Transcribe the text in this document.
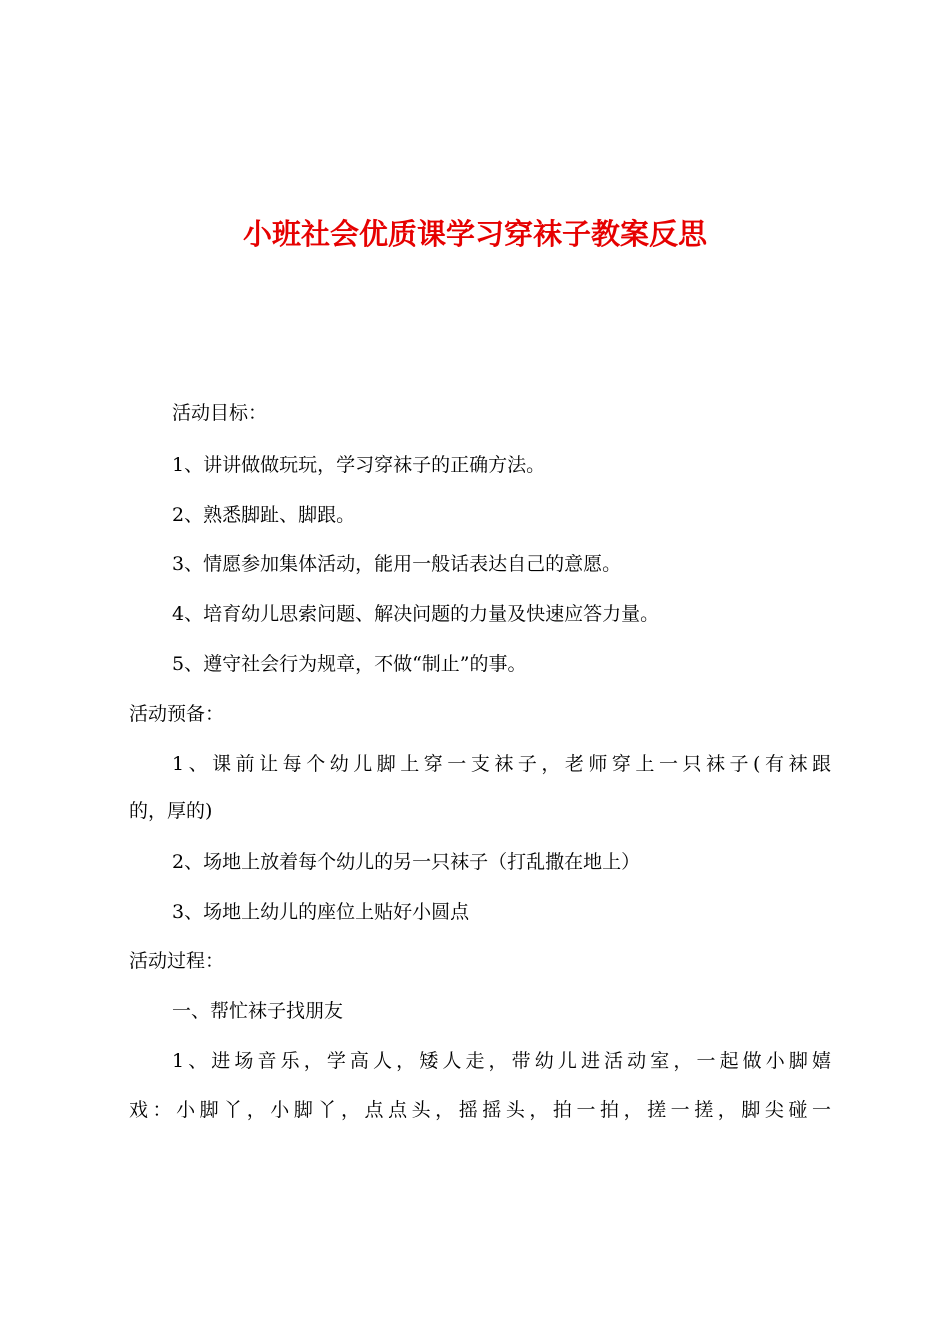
小班社会优质课学习穿袜子教案反思

活动目标：

1、讲讲做做玩玩，学习穿袜子的正确方法。

2、熟悉脚趾、脚跟。

3、情愿参加集体活动，能用一般话表达自己的意愿。

4、培育幼儿思索问题、解决问题的力量及快速应答力量。

5、遵守社会行为规章，不做“制止”的事。

活动预备：

1、课前让每个幼儿脚上穿一支袜子，老师穿上一只袜子(有袜跟

的，厚的)

2、场地上放着每个幼儿的另一只袜子（打乱撒在地上）

3、场地上幼儿的座位上贴好小圆点

活动过程：

一、帮忙袜子找朋友

1、进场音乐，学高人，矮人走，带幼儿进活动室，一起做小脚嬉

戏：小脚丫，小脚丫，点点头，摇摇头，拍一拍，搓一搓，脚尖碰一
